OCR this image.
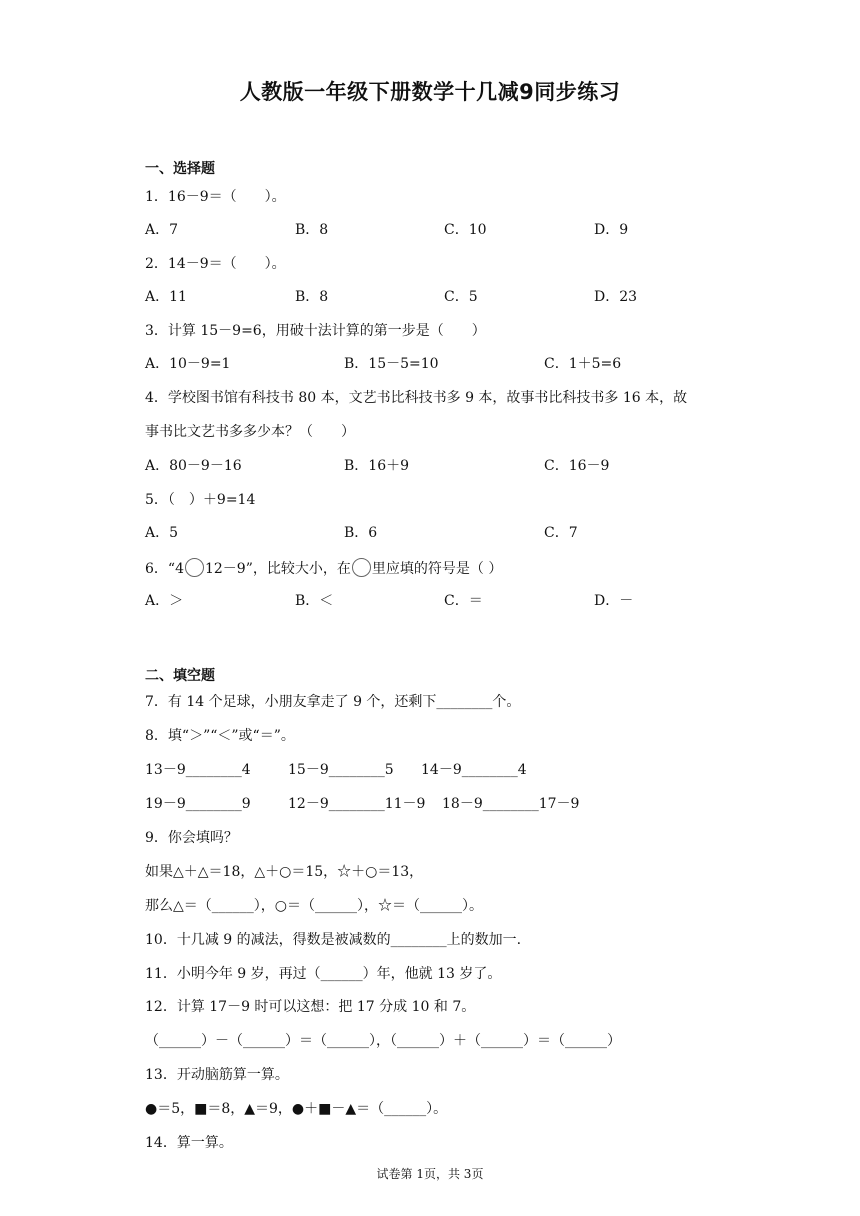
人教版一年级下册数学十几减9同步练习
一、选择题
1．16－9＝（　　）。
A．7	B．8	C．10	D．9
2．14－9＝（　　）。
A．11	B．8	C．5	D．23
3．计算 15－9=6，用破十法计算的第一步是（　　）
A．10－9=1	B．15－5=10	C．1＋5=6
4．学校图书馆有科技书 80 本，文艺书比科技书多 9 本，故事书比科技书多 16 本，故
事书比文艺书多多少本？（　　）
A．80－9－16	B．16＋9	C．16－9
5．（　）＋9=14
A．5	B．6	C．7
6．“4 12－9”，比较大小，在 里应填的符号是（ ）
A．＞	B．＜	C．＝	D．－
二、填空题
7．有 14 个足球，小朋友拿走了 9 个，还剩下________个。
8．填“＞”“＜”或“＝”。
13－9________4	15－9________5 14－9________4
19－9________9	12－9________11－9 18－9________17－9
9．你会填吗？
如果△＋△＝18，△＋○＝15，☆＋○＝13，
那么△＝（______），○＝（______），☆＝（______）。
10．十几减 9 的减法，得数是被减数的________上的数加一.
11．小明今年 9 岁，再过（______）年，他就 13 岁了。
12．计算 17－9 时可以这想：把 17 分成 10 和 7。
（______）－（______）＝（______），（______）＋（______）＝（______）
13．开动脑筋算一算。
●＝5，■＝8，▲＝9，●＋■－▲＝（______）。
14．算一算。
试卷第 1页，共 3页
